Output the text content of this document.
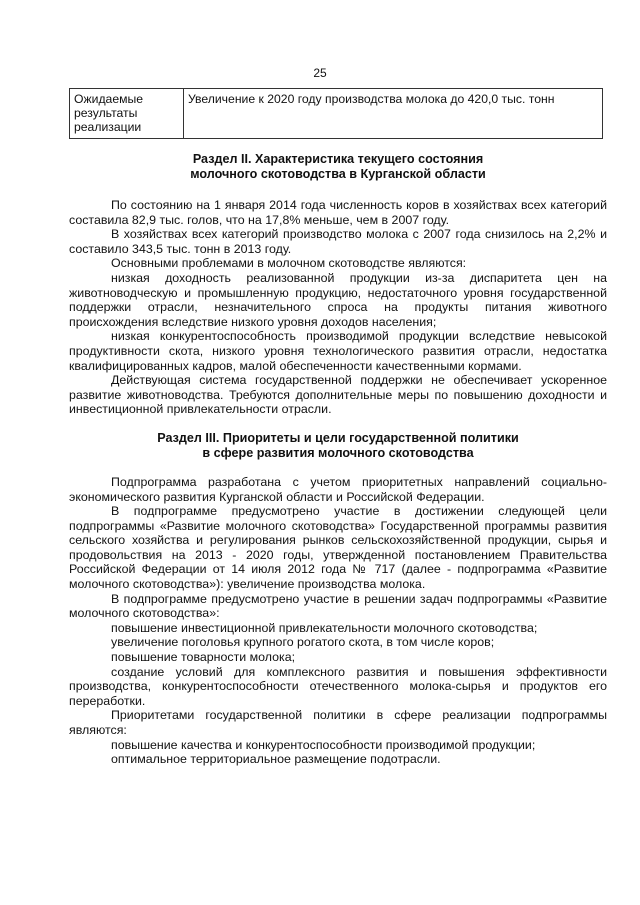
25
Ожидаемые результаты реализации	Увеличение к 2020 году производства молока до 420,0 тыс. тонн
Раздел II. Характеристика текущего состояния
молочного скотоводства в Курганской области

По состоянию на 1 января 2014 года численность коров в хозяйствах всех категорий составила 82,9 тыс. голов, что на 17,8% меньше, чем в 2007 году.

В хозяйствах всех категорий производство молока с 2007 года снизилось на 2,2% и составило 343,5 тыс. тонн в 2013 году.

Основными проблемами в молочном скотоводстве являются:

низкая доходность реализованной продукции из-за диспаритета цен на животноводческую и промышленную продукцию, недостаточного уровня государственной поддержки отрасли, незначительного спроса на продукты питания животного происхождения вследствие низкого уровня доходов населения;

низкая конкурентоспособность производимой продукции вследствие невысокой продуктивности скота, низкого уровня технологического развития отрасли, недостатка квалифицированных кадров, малой обеспеченности качественными кормами.

Действующая система государственной поддержки не обеспечивает ускоренное развитие животноводства. Требуются дополнительные меры по повышению доходности и инвестиционной привлекательности отрасли.

Раздел III. Приоритеты и цели государственной политики
в сфере развития молочного скотоводства

Подпрограмма разработана с учетом приоритетных направлений социально-экономического развития Курганской области и Российской Федерации.

В подпрограмме предусмотрено участие в достижении следующей цели подпрограммы «Развитие молочного скотоводства» Государственной программы развития сельского хозяйства и регулирования рынков сельскохозяйственной продукции, сырья и продовольствия на 2013 - 2020 годы, утвержденной постановлением Правительства Российской Федерации от 14 июля 2012 года № 717 (далее - подпрограмма «Развитие молочного скотоводства»): увеличение производства молока.

В подпрограмме предусмотрено участие в решении задач подпрограммы «Развитие молочного скотоводства»:

повышение инвестиционной привлекательности молочного скотоводства;

увеличение поголовья крупного рогатого скота, в том числе коров;

повышение товарности молока;

создание условий для комплексного развития и повышения эффективности производства, конкурентоспособности отечественного молока-сырья и продуктов его переработки.

Приоритетами государственной политики в сфере реализации подпрограммы являются:

повышение качества и конкурентоспособности производимой продукции;

оптимальное территориальное размещение подотрасли.
